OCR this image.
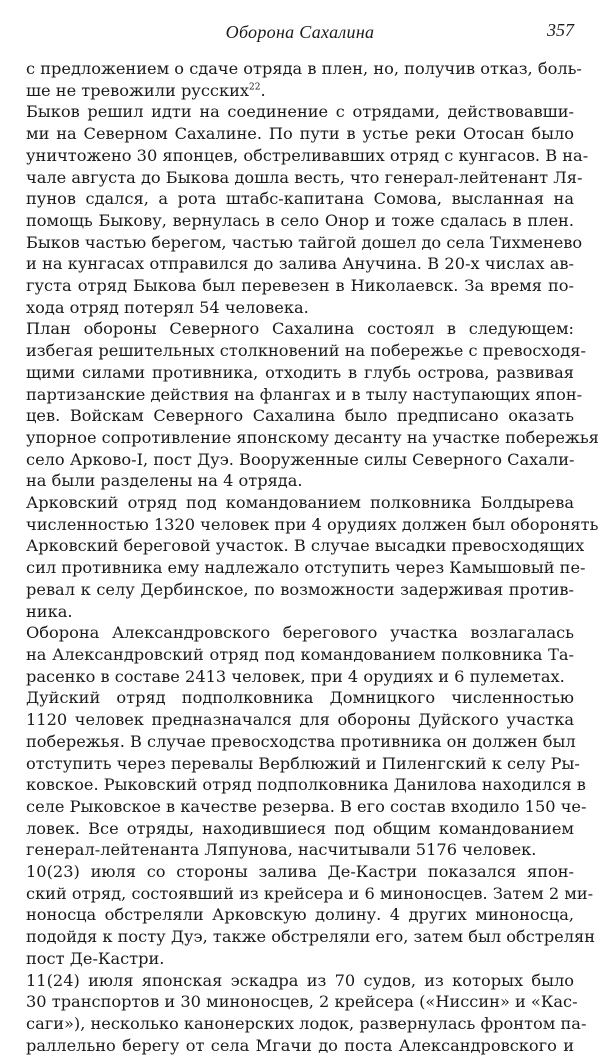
Оборона Сахалина	357

с предложением о сдаче отряда в плен, но, получив отказ, боль-
ше не тревожили русских$^{22}$.

Быков решил идти на соединение с отрядами, действовавши-
ми на Северном Сахалине. По пути в устье реки Отосан было
уничтожено 30 японцев, обстреливавших отряд с кунгасов. В на-
чале августа до Быкова дошла весть, что генерал-лейтенант Ля-
пунов сдался, а рота штабс-капитана Сомова, высланная на
помощь Быкову, вернулась в село Онор и тоже сдалась в плен.
Быков частью берегом, частью тайгой дошел до села Тихменево
и на кунгасах отправился до залива Анучина. В 20-х числах ав-
густа отряд Быкова был перевезен в Николаевск. За время по-
хода отряд потерял 54 человека.

План обороны Северного Сахалина состоял в следующем:
избегая решительных столкновений на побережье с превосходя-
щими силами противника, отходить в глубь острова, развивая
партизанские действия на флангах и в тылу наступающих япон-
цев. Войскам Северного Сахалина было предписано оказать
упорное сопротивление японскому десанту на участке побережья
село Арково-I, пост Дуэ. Вооруженные силы Северного Сахали-
на были разделены на 4 отряда.

Арковский отряд под командованием полковника Болдырева
численностью 1320 человек при 4 орудиях должен был оборонять
Арковский береговой участок. В случае высадки превосходящих
сил противника ему надлежало отступить через Камышовый пе-
ревал к селу Дербинское, по возможности задерживая против-
ника.

Оборона Александровского берегового участка возлагалась
на Александровский отряд под командованием полковника Та-
расенко в составе 2413 человек, при 4 орудиях и 6 пулеметах.

Дуйский отряд подполковника Домницкого численностью
1120 человек предназначался для обороны Дуйского участка
побережья. В случае превосходства противника он должен был
отступить через перевалы Верблюжий и Пиленгский к селу Ры-
ковское. Рыковский отряд подполковника Данилова находился в
селе Рыковское в качестве резерва. В его состав входило 150 че-
ловек. Все отряды, находившиеся под общим командованием
генерал-лейтенанта Ляпунова, насчитывали 5176 человек.

10(23) июля со стороны залива Де-Кастри показался япон-
ский отряд, состоявший из крейсера и 6 миноносцев. Затем 2 ми-
ноносца обстреляли Арковскую долину. 4 других миноносца,
подойдя к посту Дуэ, также обстреляли его, затем был обстрелян
пост Де-Кастри.

11(24) июля японская эскадра из 70 судов, из которых было
30 транспортов и 30 миноносцев, 2 крейсера («Ниссин» и «Кас-
саги»), несколько канонерских лодок, развернулась фронтом па-
раллельно берегу от села Мгачи до поста Александровского и
